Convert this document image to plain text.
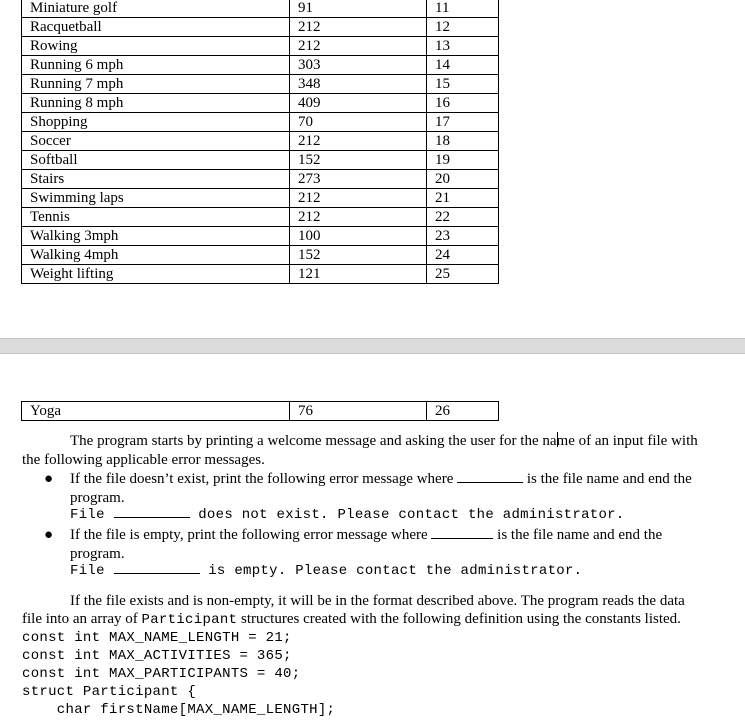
Miniature golf	91	11
Racquetball	212	12
Rowing	212	13
Running 6 mph	303	14
Running 7 mph	348	15
Running 8 mph	409	16
Shopping	70	17
Soccer	212	18
Softball	152	19
Stairs	273	20
Swimming laps	212	21
Tennis	212	22
Walking 3mph	100	23
Walking 4mph	152	24
Weight lifting	121	25
Yoga	76	26
The program starts by printing a welcome message and asking the user for the name of an input file with
the following applicable error messages.
● If the file doesn’t exist, print the following error message where	is the file name and end the
program.
File	does not exist. Please contact the administrator.
● If the file is empty, print the following error message where	is the file name and end the
program.
File	is empty. Please contact the administrator.
If the file exists and is non-empty, it will be in the format described above. The program reads the data
file into an array of Participant structures created with the following definition using the constants listed.
const int MAX_NAME_LENGTH = 21;
const int MAX_ACTIVITIES = 365;
const int MAX_PARTICIPANTS = 40;
struct Participant {
char firstName[MAX_NAME_LENGTH];
